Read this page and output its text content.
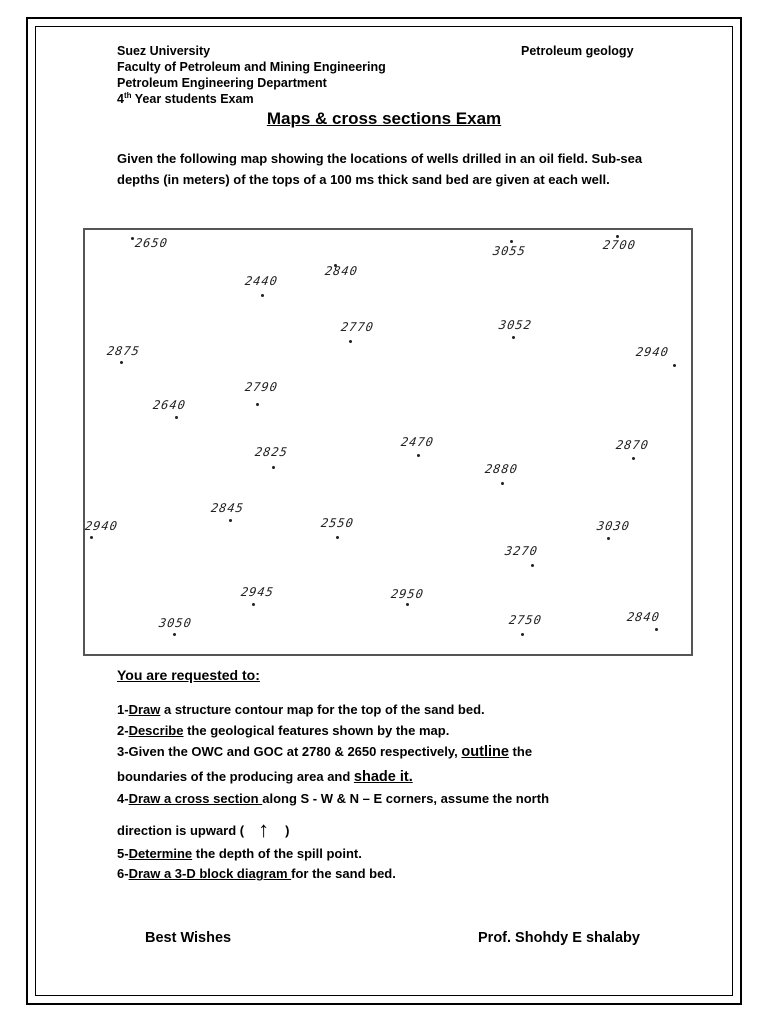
Suez University
Faculty of Petroleum and Mining Engineering
Petroleum Engineering Department
4th Year students Exam
Petroleum geology
Maps & cross sections Exam
Given the following map showing the locations of wells drilled in an oil field. Sub-sea depths (in meters) of the tops of a 100 ms thick sand bed are given at each well.
2650
2440
2840
3055	2700
2770	3052
2875	2940
2790
2640
2825
2470	2870
2880
2845
2940	2550	3030
3270
2945	2950
3050	2750	2840
You are requested to:
1-Draw a structure contour map for the top of the sand bed.
2-Describe the geological features shown by the map.
3-Given the OWC and GOC at 2780 & 2650 respectively, outline the
boundaries of the producing area and shade it.
4-Draw a cross section along S - W & N – E corners, assume the north
direction is upward ( ↑ )
5-Determine the depth of the spill point.
6-Draw a 3-D block diagram for the sand bed.
Best Wishes	Prof. Shohdy E shalaby
